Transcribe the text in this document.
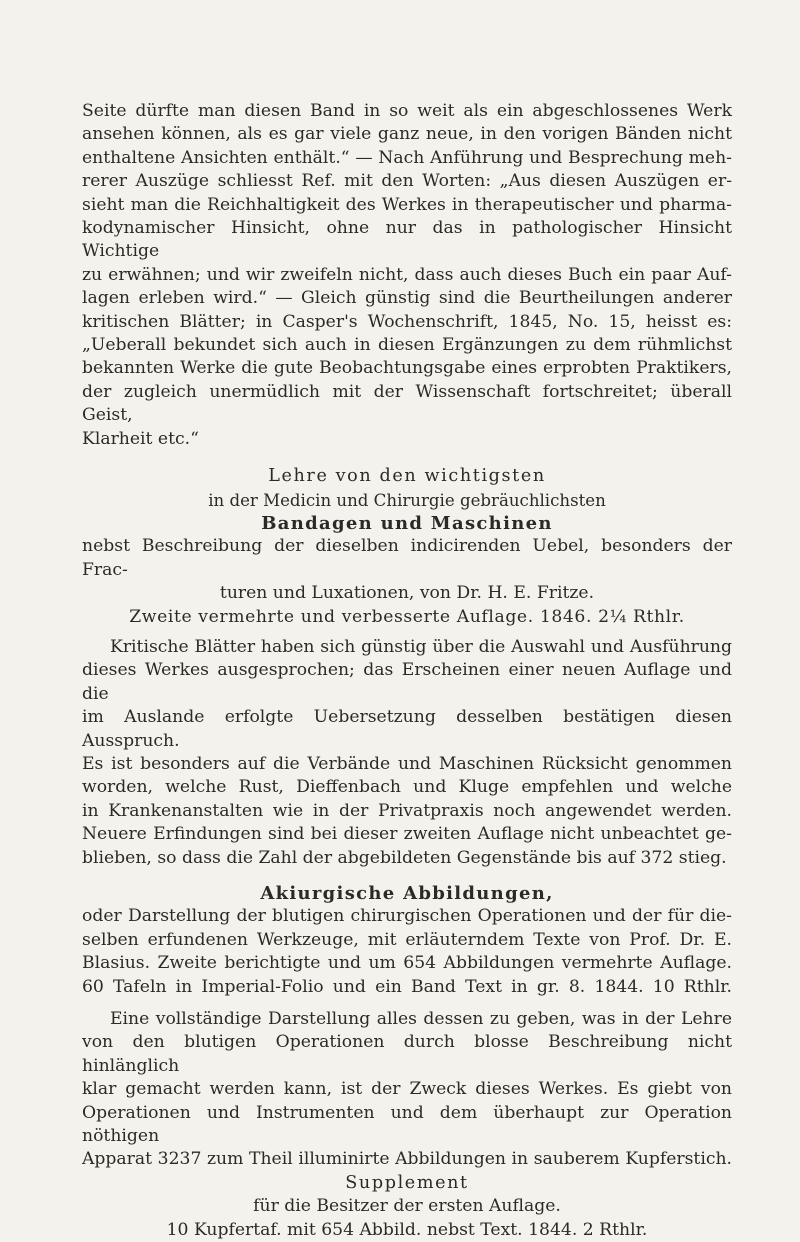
Seite dürfte man diesen Band in so weit als ein abgeschlossenes Werk

ansehen können, als es gar viele ganz neue, in den vorigen Bänden nicht

enthaltene Ansichten enthält.“ — Nach Anführung und Besprechung meh-

rerer Auszüge schliesst Ref. mit den Worten: „Aus diesen Auszügen er-

sieht man die Reichhaltigkeit des Werkes in therapeutischer und pharma-

kodynamischer Hinsicht, ohne nur das in pathologischer Hinsicht Wichtige

zu erwähnen; und wir zweifeln nicht, dass auch dieses Buch ein paar Auf-

lagen erleben wird.“ — Gleich günstig sind die Beurtheilungen anderer

kritischen Blätter; in Casper's Wochenschrift, 1845, No. 15, heisst es:

„Ueberall bekundet sich auch in diesen Ergänzungen zu dem rühmlichst

bekannten Werke die gute Beobachtungsgabe eines erprobten Praktikers,

der zugleich unermüdlich mit der Wissenschaft fortschreitet; überall Geist,

Klarheit etc.“

Lehre von den wichtigsten

in der Medicin und Chirurgie gebräuchlichsten

Bandagen und Maschinen

nebst Beschreibung der dieselben indicirenden Uebel, besonders der Frac-

turen und Luxationen, von Dr. H. E. Fritze.

Zweite vermehrte und verbesserte Auflage. 1846. 2¼ Rthlr.

Kritische Blätter haben sich günstig über die Auswahl und Ausführung

dieses Werkes ausgesprochen; das Erscheinen einer neuen Auflage und die

im Auslande erfolgte Uebersetzung desselben bestätigen diesen Ausspruch.

Es ist besonders auf die Verbände und Maschinen Rücksicht genommen

worden, welche Rust, Dieffenbach und Kluge empfehlen und welche

in Krankenanstalten wie in der Privatpraxis noch angewendet werden.

Neuere Erfindungen sind bei dieser zweiten Auflage nicht unbeachtet ge-

blieben, so dass die Zahl der abgebildeten Gegenstände bis auf 372 stieg.

Akiurgische Abbildungen,

oder Darstellung der blutigen chirurgischen Operationen und der für die-

selben erfundenen Werkzeuge, mit erläuterndem Texte von Prof. Dr. E.

Blasius. Zweite berichtigte und um 654 Abbildungen vermehrte Auflage.

60 Tafeln in Imperial-Folio und ein Band Text in gr. 8. 1844. 10 Rthlr.

Eine vollständige Darstellung alles dessen zu geben, was in der Lehre

von den blutigen Operationen durch blosse Beschreibung nicht hinlänglich

klar gemacht werden kann, ist der Zweck dieses Werkes. Es giebt von

Operationen und Instrumenten und dem überhaupt zur Operation nöthigen

Apparat 3237 zum Theil illuminirte Abbildungen in sauberem Kupferstich.

Supplement

für die Besitzer der ersten Auflage.

10 Kupfertaf. mit 654 Abbild. nebst Text. 1844. 2 Rthlr.
